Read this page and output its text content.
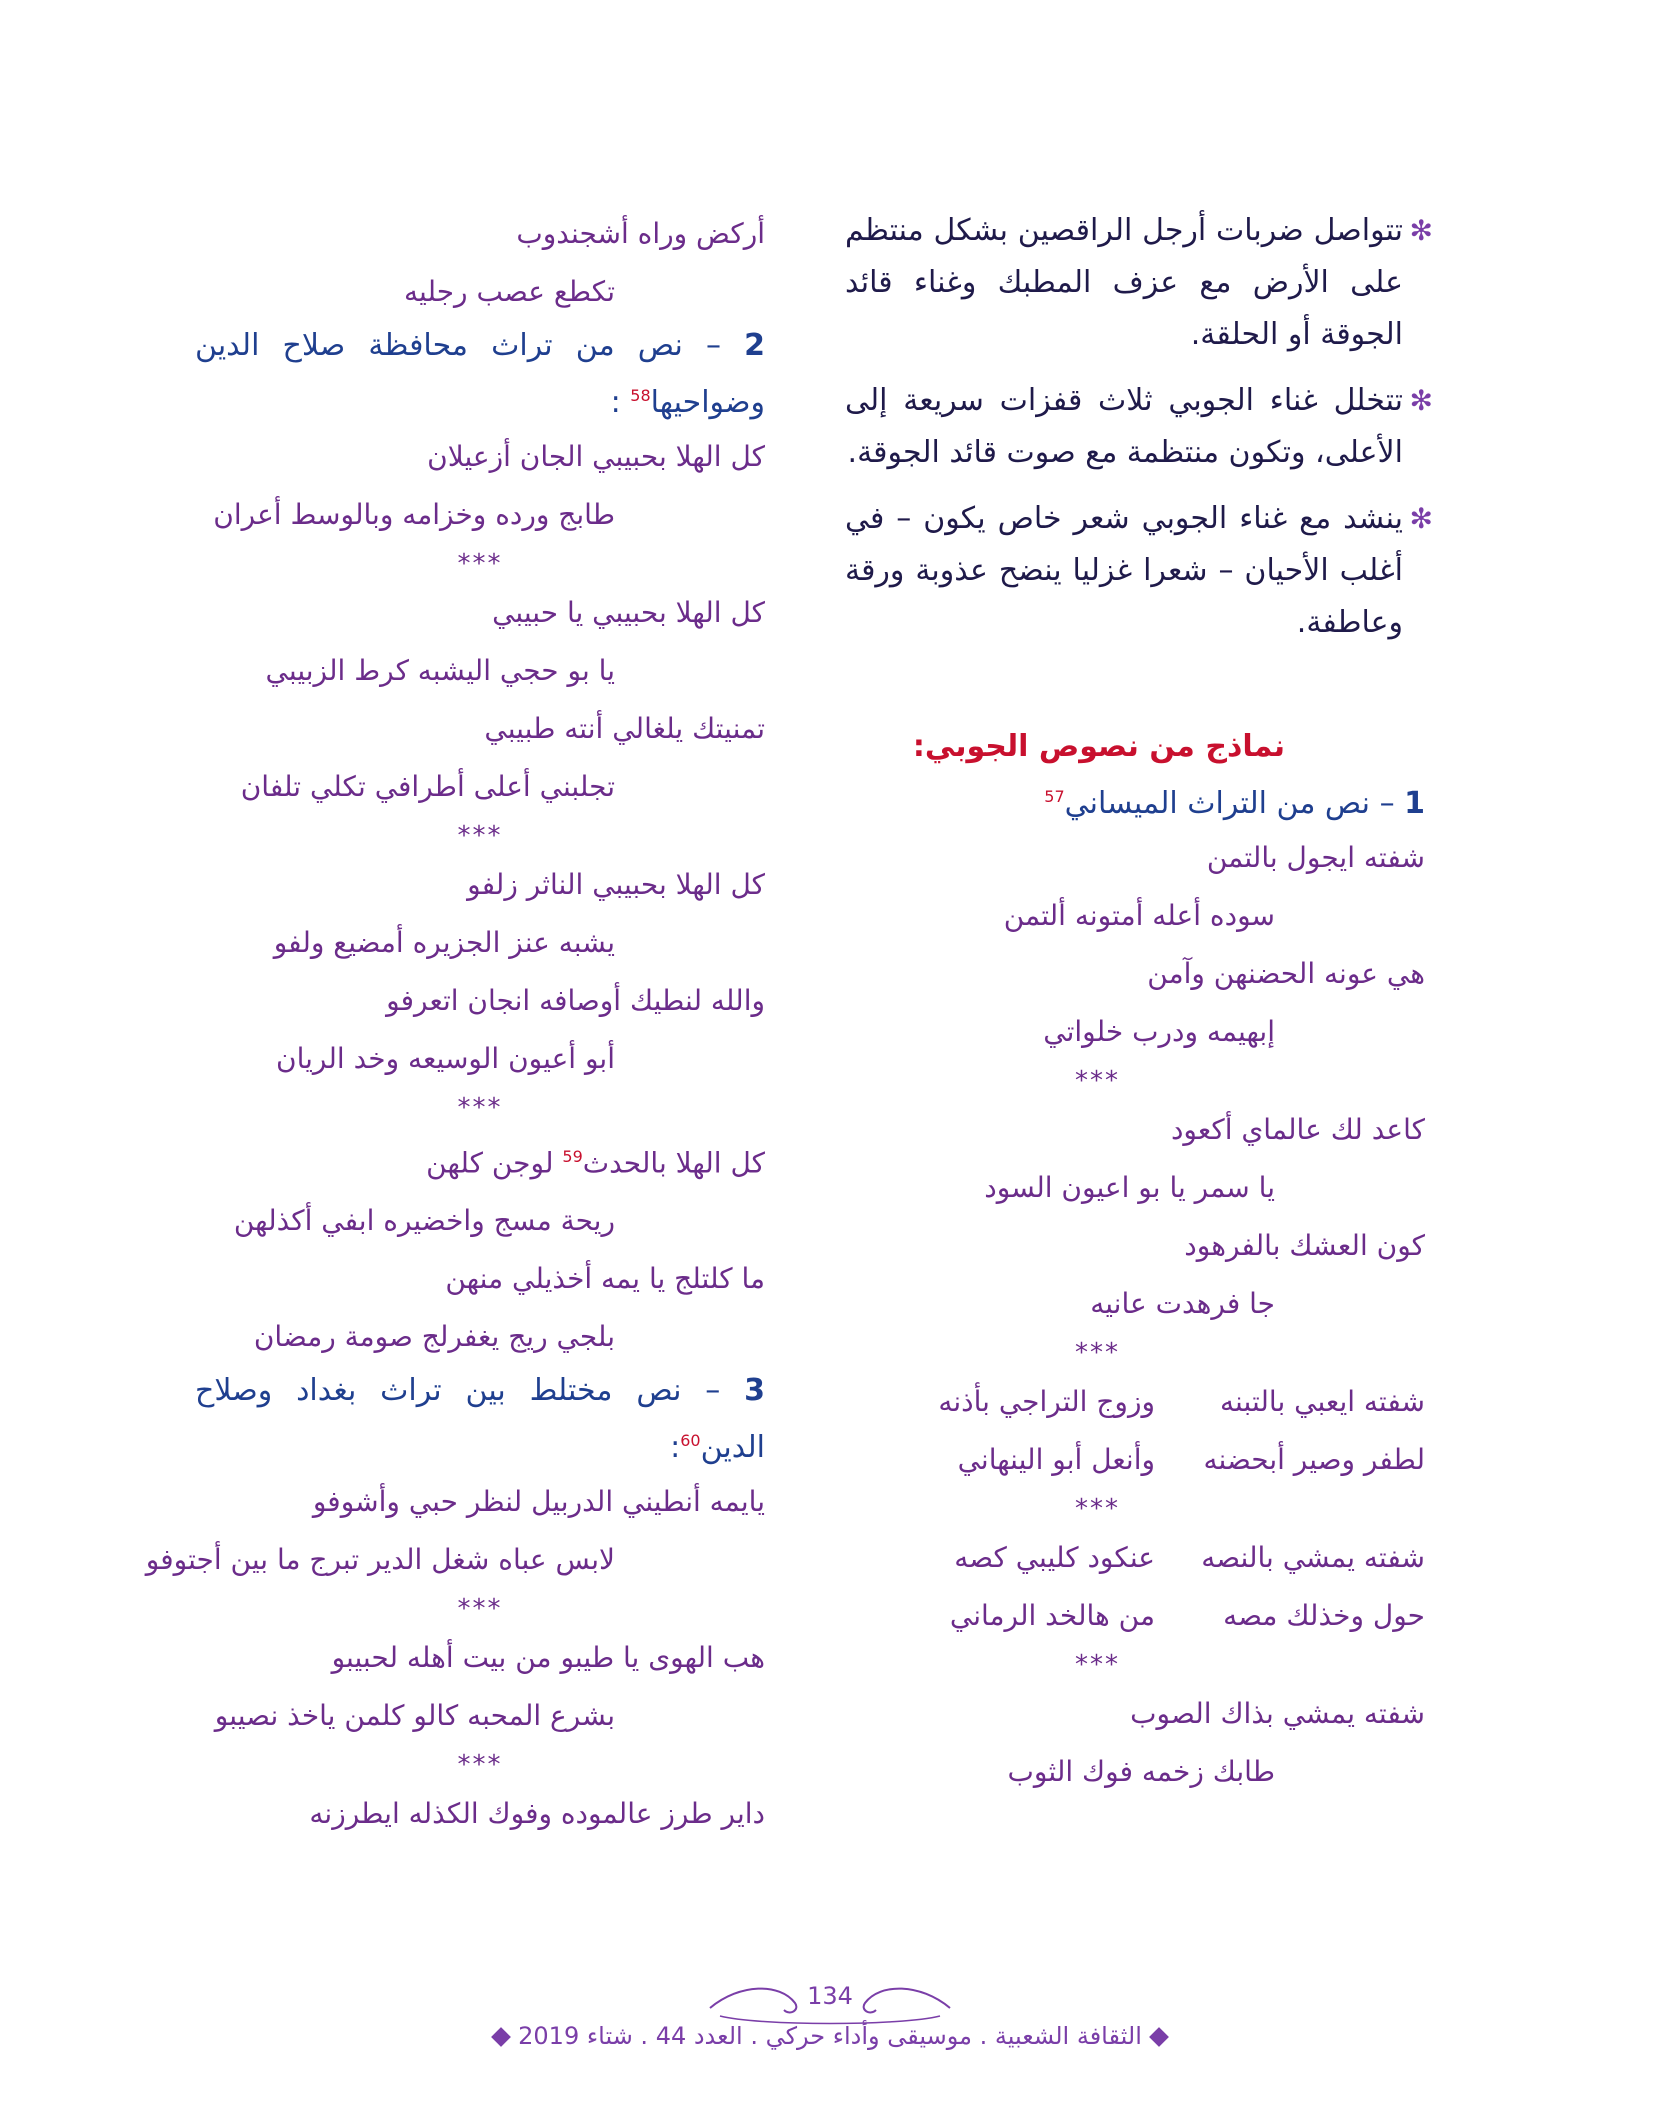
✻
تتواصل ضربات أرجل الراقصين بشكل منتظم على الأرض مع عزف المطبك وغناء قائد الجوقة أو الحلقة.
✻
تتخلل غناء الجوبي ثلاث قفزات سريعة إلى الأعلى، وتكون منتظمة مع صوت قائد الجوقة.
✻
ينشد مع غناء الجوبي شعر خاص يكون – في أغلب الأحيان – شعرا غزليا ينضح عذوبة ورقة وعاطفة.
نماذج من نصوص الجوبي:
1 – نص من التراث الميساني$^{57}$
شفته ايجول بالتمن
سوده أعله أمتونه ألتمن
هي عونه الحضنهن وآمن
إبهيمه ودرب خلواتي
***
كاعد لك عالماي أكعود
يا سمر يا بو اعيون السود
كون العشك بالفرهود
جا فرهدت عانيه
***
شفته ايعبي بالتبنه
وزوج التراجي بأذنه
لطفر وصير أبحضنه
وأنعل أبو الينهاني
***
شفته يمشي بالنصه
عنكود كليبي كصه
حول وخذلك مصه
من هالخد الرماني
***
شفته يمشي بذاك الصوب
طابك زخمه فوك الثوب
أركض وراه أشجندوب
تكطع عصب رجليه
2 – نص من تراث محافظة صلاح الدين وضواحيها$^{58}$ :
كل الهلا بحبيبي الجان أزعيلان
طابج ورده وخزامه وبالوسط أعران
***
كل الهلا بحبيبي يا حبيبي
يا بو حجي اليشبه كرط الزبيبي
تمنيتك يلغالي أنته طبيبي
تجلبني أعلى أطرافي تكلي تلفان
***
كل الهلا بحبيبي الناثر زلفو
يشبه عنز الجزيره أمضيع ولفو
والله لنطيك أوصافه انجان اتعرفو
أبو أعيون الوسيعه وخد الريان
***
كل الهلا بالحدث$^{59}$ لوجن كلهن
ريحة مسج واخضيره ابفي أكذلهن
ما كلتلج يا يمه أخذيلي منهن
بلجي ريج يغفرلج صومة رمضان
3 – نص مختلط بين تراث بغداد وصلاح الدين$^{60}$:
يايمه أنطيني الدربيل لنظر حبي وأشوفو
لابس عباه شغل الدير تبرج ما بين أجتوفو
***
هب الهوى يا طيبو من بيت أهله لحبيبو
بشرع المحبه كالو كلمن ياخذ نصيبو
***
داير طرز عالموده وفوك الكذله ايطرزنه
134
الثقافة الشعبية . موسيقى وأداء حركي . العدد 44 . شتاء 2019
